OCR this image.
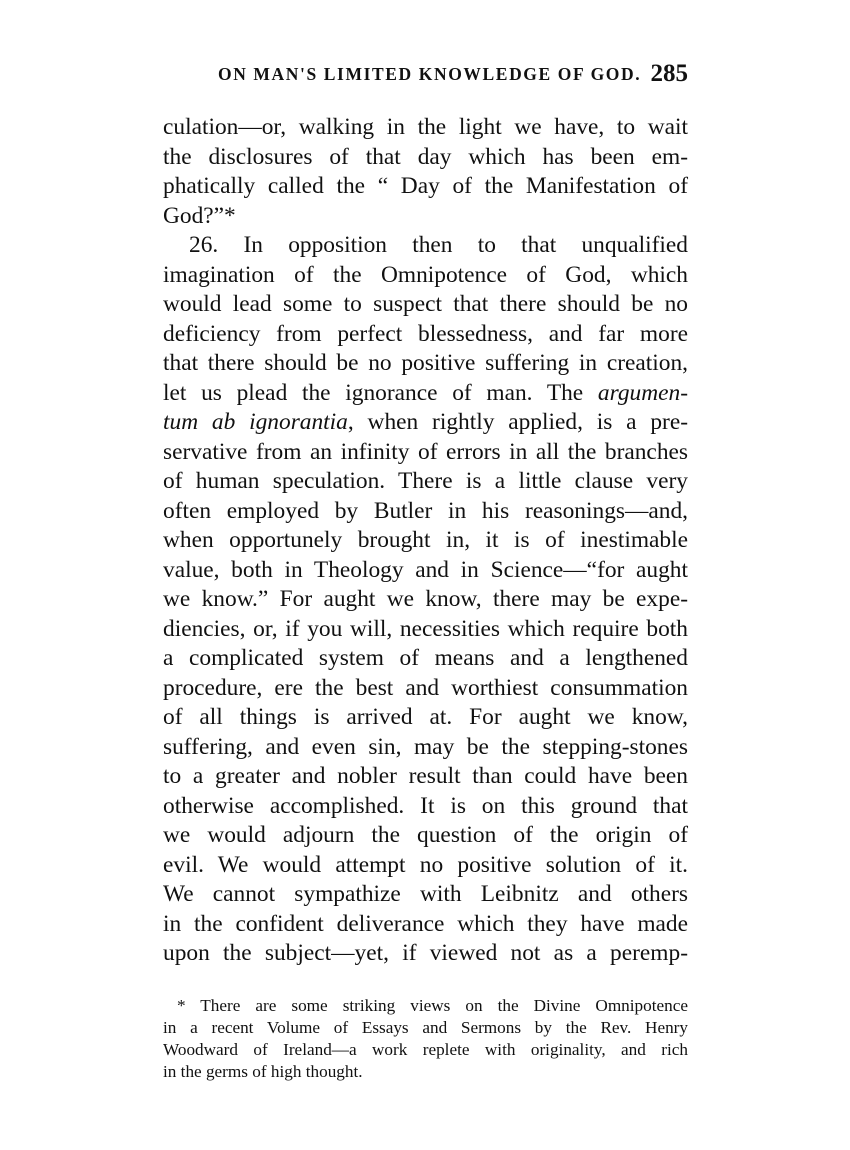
ON MAN'S LIMITED KNOWLEDGE OF GOD. 285
culation—or, walking in the light we have, to wait
the disclosures of that day which has been em-
phatically called the “ Day of the Manifestation of
God?”*
26. In opposition then to that unqualified
imagination of the Omnipotence of God, which
would lead some to suspect that there should be no
deficiency from perfect blessedness, and far more
that there should be no positive suffering in creation,
let us plead the ignorance of man. The argumen-
tum ab ignorantia, when rightly applied, is a pre-
servative from an infinity of errors in all the branches
of human speculation. There is a little clause very
often employed by Butler in his reasonings—and,
when opportunely brought in, it is of inestimable
value, both in Theology and in Science—“for aught
we know.” For aught we know, there may be expe-
diencies, or, if you will, necessities which require both
a complicated system of means and a lengthened
procedure, ere the best and worthiest consummation
of all things is arrived at. For aught we know,
suffering, and even sin, may be the stepping-stones
to a greater and nobler result than could have been
otherwise accomplished. It is on this ground that
we would adjourn the question of the origin of
evil. We would attempt no positive solution of it.
We cannot sympathize with Leibnitz and others
in the confident deliverance which they have made
upon the subject—yet, if viewed not as a peremp-
* There are some striking views on the Divine Omnipotence
in a recent Volume of Essays and Sermons by the Rev. Henry
Woodward of Ireland—a work replete with originality, and rich
in the germs of high thought.
